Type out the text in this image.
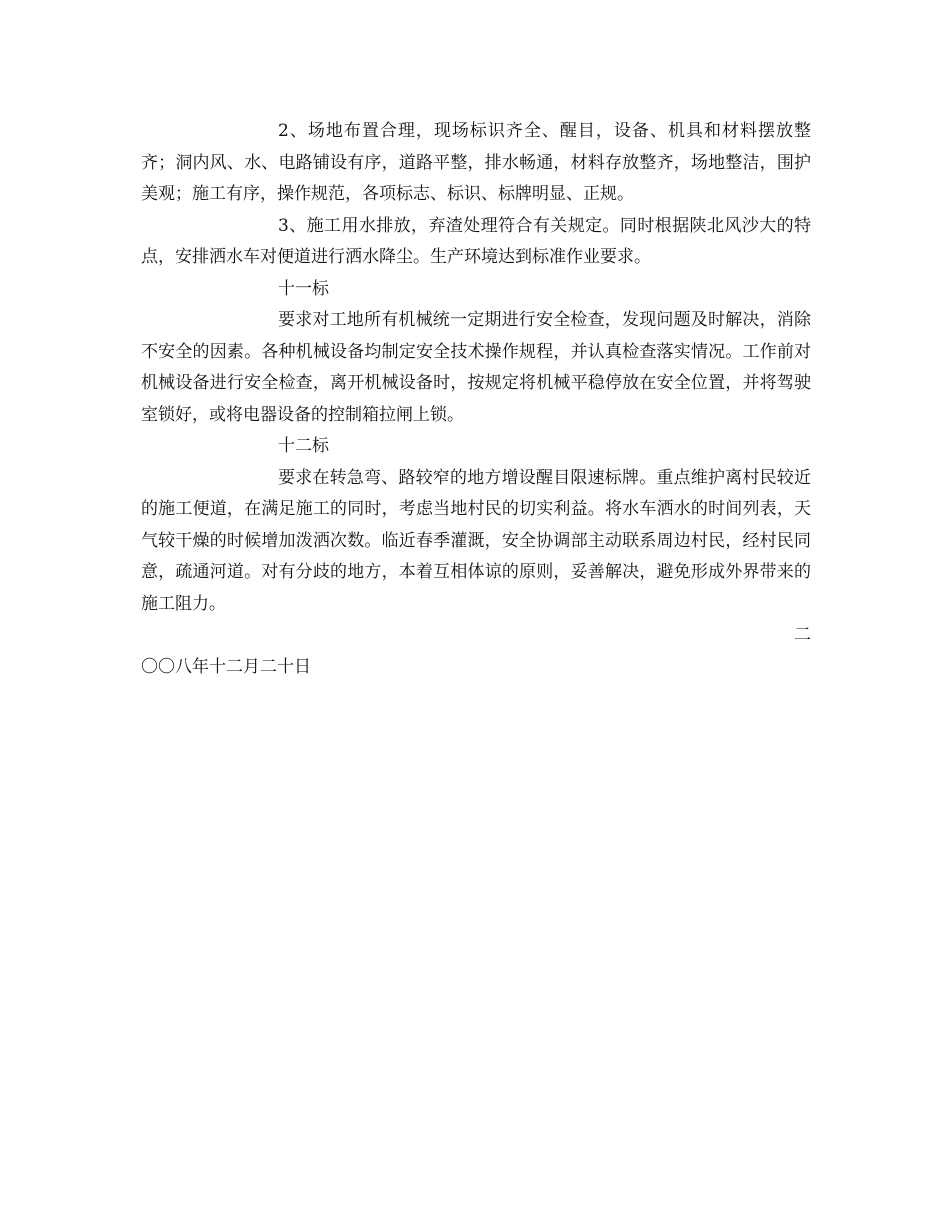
2、场地布置合理，现场标识齐全、醒目，设备、机具和材料摆放整齐；洞内风、水、电路铺设有序，道路平整，排水畅通，材料存放整齐，场地整洁，围护美观；施工有序，操作规范，各项标志、标识、标牌明显、正规。

3、施工用水排放，弃渣处理符合有关规定。同时根据陕北风沙大的特点，安排洒水车对便道进行洒水降尘。生产环境达到标准作业要求。

十一标

要求对工地所有机械统一定期进行安全检查，发现问题及时解决，消除不安全的因素。各种机械设备均制定安全技术操作规程，并认真检查落实情况。工作前对机械设备进行安全检查，离开机械设备时，按规定将机械平稳停放在安全位置，并将驾驶室锁好，或将电器设备的控制箱拉闸上锁。

十二标

要求在转急弯、路较窄的地方增设醒目限速标牌。重点维护离村民较近的施工便道，在满足施工的同时，考虑当地村民的切实利益。将水车洒水的时间列表，天气较干燥的时候增加泼洒次数。临近春季灌溉，安全协调部主动联系周边村民，经村民同意，疏通河道。对有分歧的地方，本着互相体谅的原则，妥善解决，避免形成外界带来的施工阻力。

二

〇〇八年十二月二十日
